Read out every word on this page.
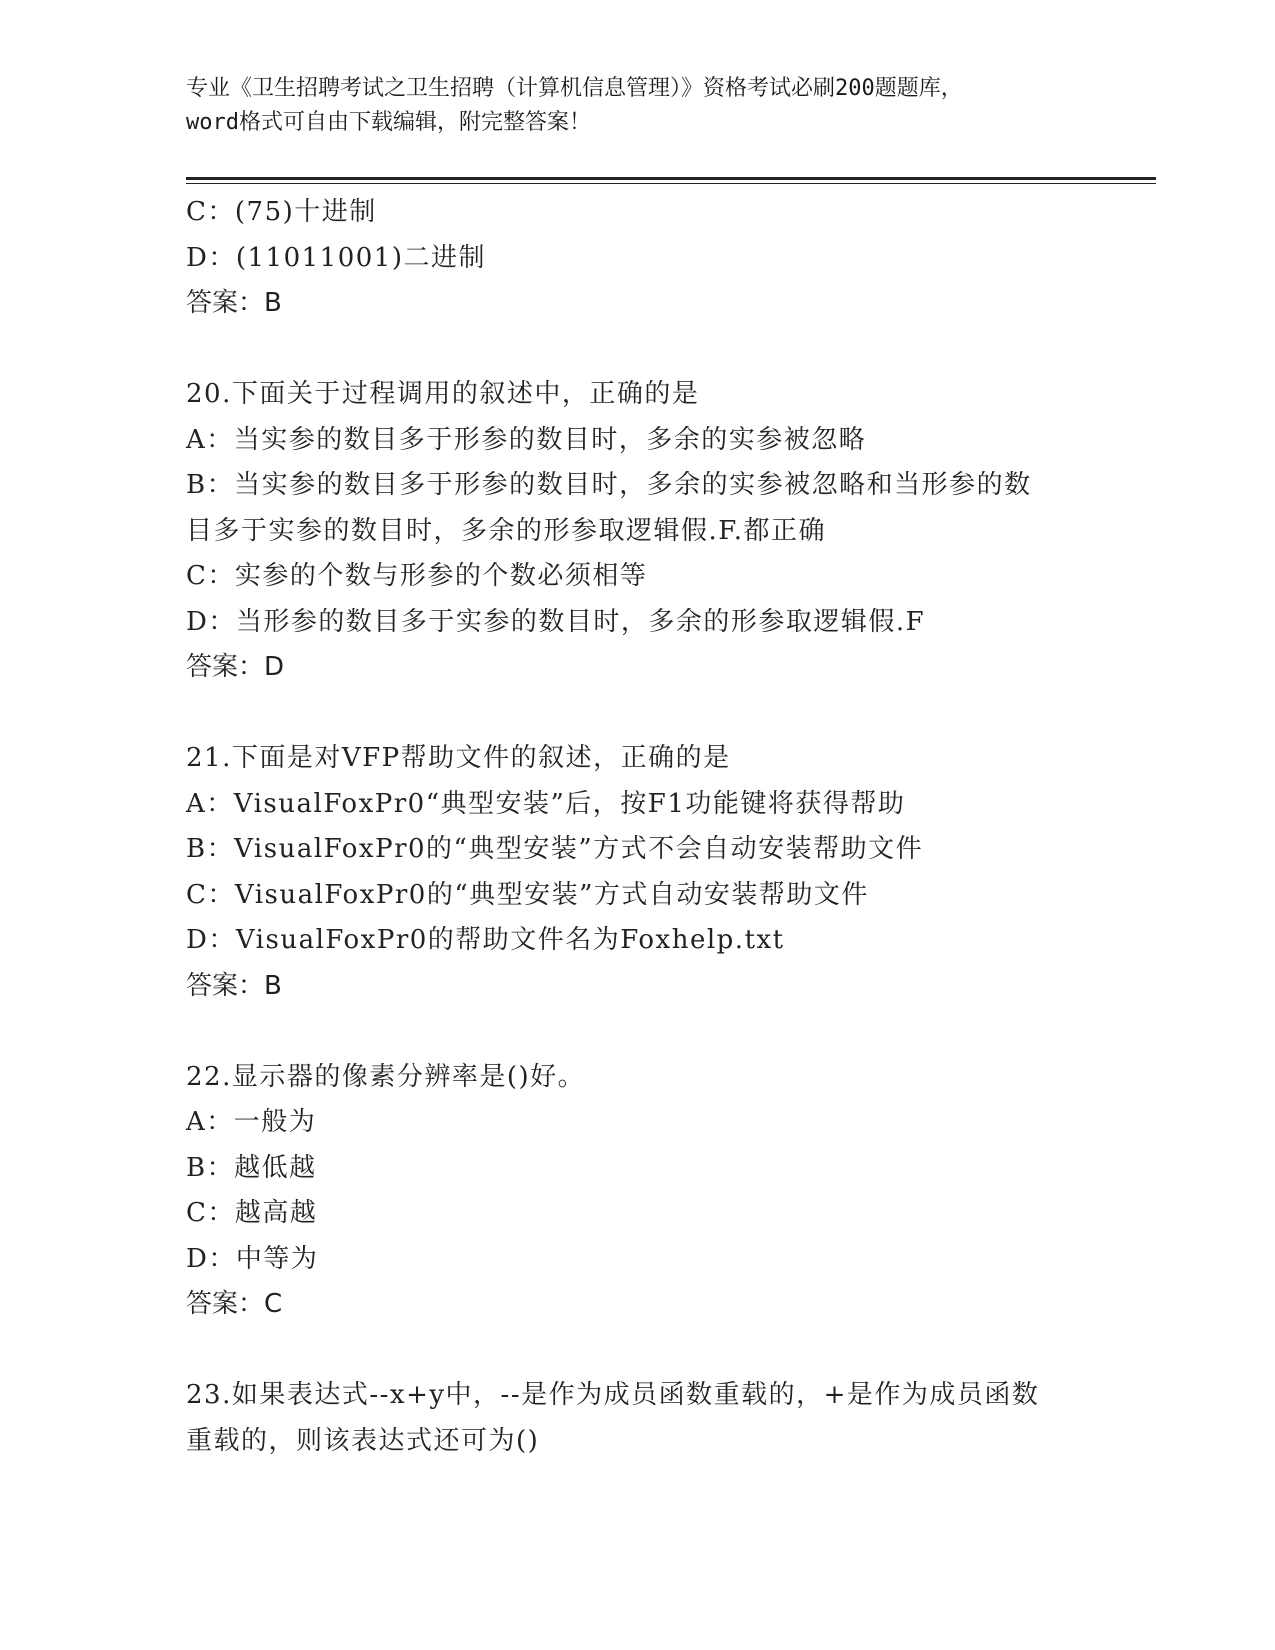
专业《卫生招聘考试之卫生招聘（计算机信息管理）》资格考试必刷200题题库，
word格式可自由下载编辑，附完整答案！

C：(75)十进制

D：(11011001)二进制

答案：B

20.下面关于过程调用的叙述中，正确的是

A：当实参的数目多于形参的数目时，多余的实参被忽略

B：当实参的数目多于形参的数目时，多余的实参被忽略和当形参的数

目多于实参的数目时，多余的形参取逻辑假.F.都正确

C：实参的个数与形参的个数必须相等

D：当形参的数目多于实参的数目时，多余的形参取逻辑假.F

答案：D

21.下面是对VFP帮助文件的叙述，正确的是

A：VisualFoxPr0“典型安装”后，按F1功能键将获得帮助

B：VisualFoxPr0的“典型安装”方式不会自动安装帮助文件

C：VisualFoxPr0的“典型安装”方式自动安装帮助文件

D：VisualFoxPr0的帮助文件名为Foxhelp.txt

答案：B

22.显示器的像素分辨率是()好。

A：一般为

B：越低越

C：越高越

D：中等为

答案：C

23.如果表达式--x+y中，--是作为成员函数重载的，+是作为成员函数

重载的，则该表达式还可为()
